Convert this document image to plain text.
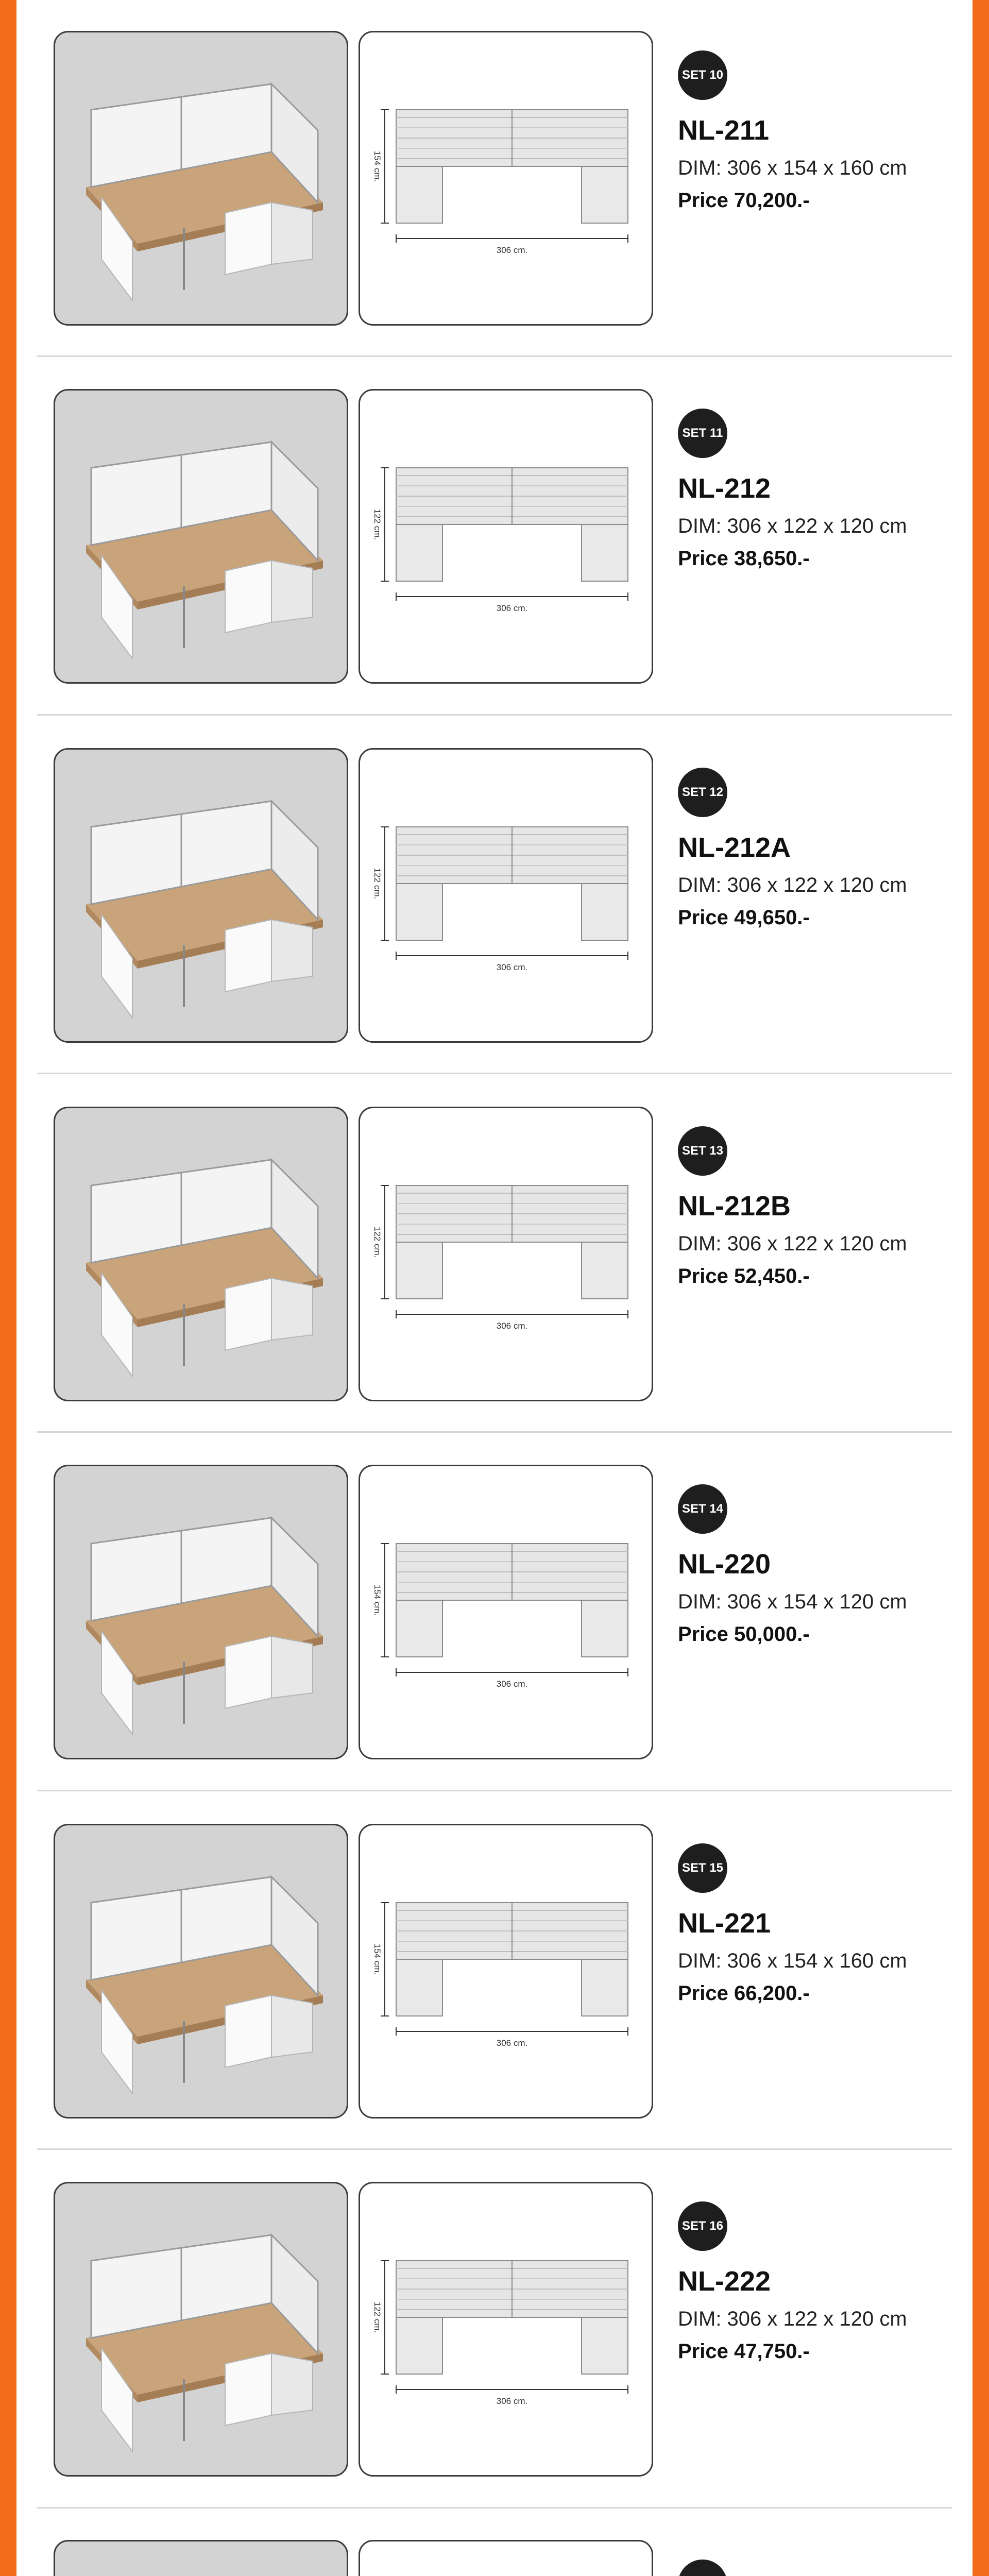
154 cm.
306 cm.
SET 10
NL-211
DIM: 306 x 154 x 160 cm
Price 70,200.-
122 cm.
306 cm.
SET 11
NL-212
DIM: 306 x 122 x 120 cm
Price 38,650.-
122 cm.
306 cm.
SET 12
NL-212A
DIM: 306 x 122 x 120 cm
Price 49,650.-
122 cm.
306 cm.
SET 13
NL-212B
DIM: 306 x 122 x 120 cm
Price 52,450.-
154 cm.
306 cm.
SET 14
NL-220
DIM: 306 x 154 x 120 cm
Price 50,000.-
154 cm.
306 cm.
SET 15
NL-221
DIM: 306 x 154 x 160 cm
Price 66,200.-
122 cm.
306 cm.
SET 16
NL-222
DIM: 306 x 122 x 120 cm
Price 47,750.-
